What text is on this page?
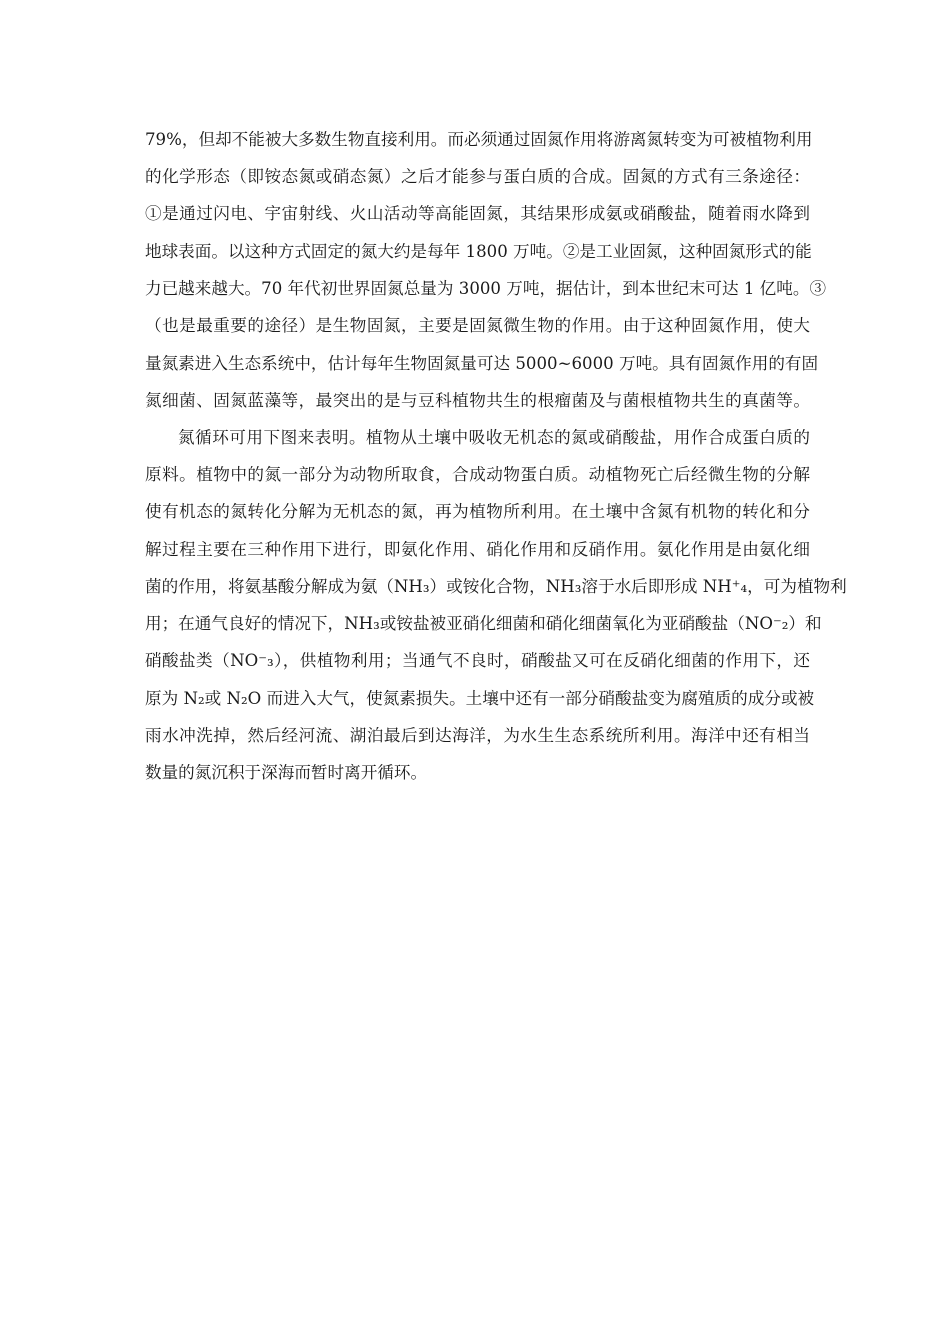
79%，但却不能被大多数生物直接利用。而必须通过固氮作用将游离氮转变为可被植物利用
的化学形态（即铵态氮或硝态氮）之后才能参与蛋白质的合成。固氮的方式有三条途径：
①是通过闪电、宇宙射线、火山活动等高能固氮，其结果形成氨或硝酸盐，随着雨水降到
地球表面。以这种方式固定的氮大约是每年 1800 万吨。②是工业固氮，这种固氮形式的能
力已越来越大。70 年代初世界固氮总量为 3000 万吨，据估计，到本世纪末可达 1 亿吨。③
（也是最重要的途径）是生物固氮，主要是固氮微生物的作用。由于这种固氮作用，使大
量氮素进入生态系统中，估计每年生物固氮量可达 5000~6000 万吨。具有固氮作用的有固
氮细菌、固氮蓝藻等，最突出的是与豆科植物共生的根瘤菌及与菌根植物共生的真菌等。
氮循环可用下图来表明。植物从土壤中吸收无机态的氮或硝酸盐，用作合成蛋白质的
原料。植物中的氮一部分为动物所取食，合成动物蛋白质。动植物死亡后经微生物的分解
使有机态的氮转化分解为无机态的氮，再为植物所利用。在土壤中含氮有机物的转化和分
解过程主要在三种作用下进行，即氨化作用、硝化作用和反硝作用。氨化作用是由氨化细
菌的作用，将氨基酸分解成为氨（NH₃）或铵化合物，NH₃溶于水后即形成 NH⁺₄，可为植物利
用；在通气良好的情况下，NH₃或铵盐被亚硝化细菌和硝化细菌氧化为亚硝酸盐（NO⁻₂）和
硝酸盐类（NO⁻₃），供植物利用；当通气不良时，硝酸盐又可在反硝化细菌的作用下，还
原为 N₂或 N₂O 而进入大气，使氮素损失。土壤中还有一部分硝酸盐变为腐殖质的成分或被
雨水冲洗掉，然后经河流、湖泊最后到达海洋，为水生生态系统所利用。海洋中还有相当
数量的氮沉积于深海而暂时离开循环。
